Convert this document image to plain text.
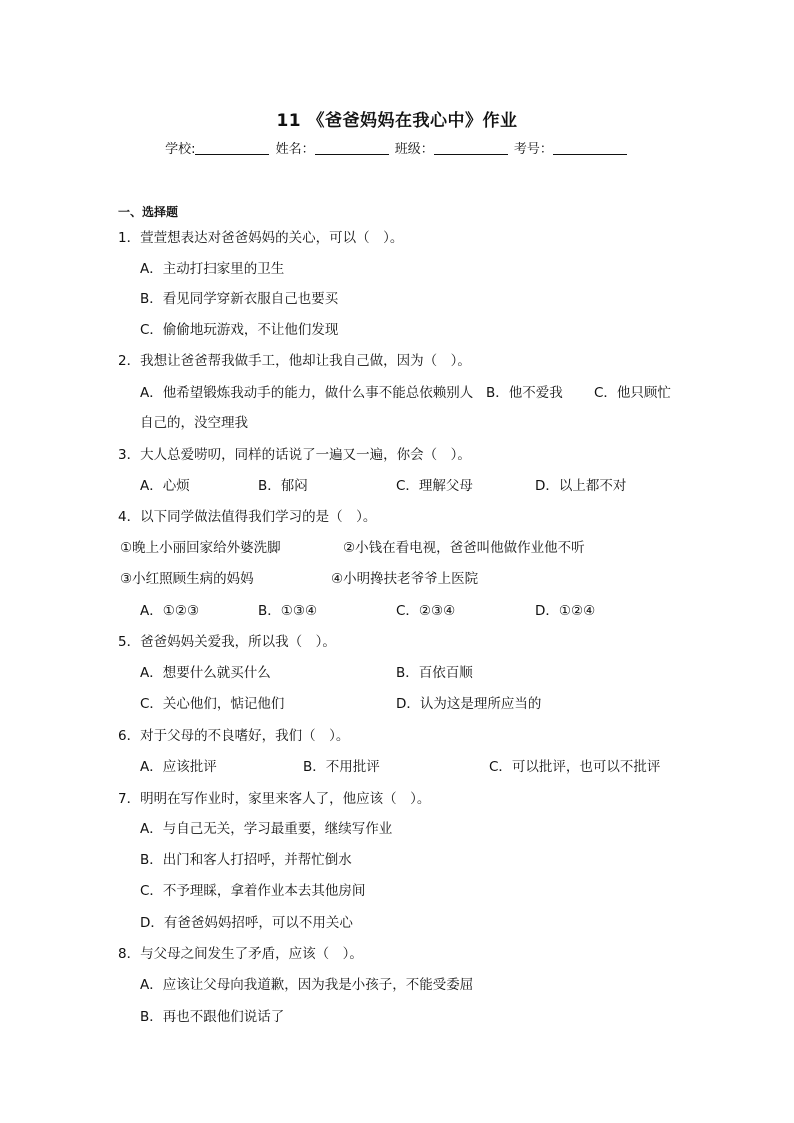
11 《爸爸妈妈在我心中》作业
学校:	姓名：	班级：	考号：
一、选择题
1．萱萱想表达对爸爸妈妈的关心，可以（　）。
A．主动打扫家里的卫生
B．看见同学穿新衣服自己也要买
C．偷偷地玩游戏，不让他们发现
2．我想让爸爸帮我做手工，他却让我自己做，因为（　）。
A．他希望锻炼我动手的能力，做什么事不能总依赖别人 B．他不爱我 C．他只顾忙
自己的，没空理我
3．大人总爱唠叨，同样的话说了一遍又一遍，你会（　）。
A．心烦	B．郁闷	C．理解父母	D．以上都不对
4．以下同学做法值得我们学习的是（　）。
①晚上小丽回家给外婆洗脚	②小钱在看电视，爸爸叫他做作业他不听
③小红照顾生病的妈妈	④小明搀扶老爷爷上医院
A．①②③	B．①③④	C．②③④	D．①②④
5．爸爸妈妈关爱我，所以我（　）。
A．想要什么就买什么	B．百依百顺
C．关心他们，惦记他们	D．认为这是理所应当的
6．对于父母的不良嗜好，我们（　）。
A．应该批评	B．不用批评	C．可以批评，也可以不批评
7．明明在写作业时，家里来客人了，他应该（　）。
A．与自己无关，学习最重要，继续写作业
B．出门和客人打招呼，并帮忙倒水
C．不予理睬，拿着作业本去其他房间
D．有爸爸妈妈招呼，可以不用关心
8．与父母之间发生了矛盾，应该（　）。
A．应该让父母向我道歉，因为我是小孩子，不能受委屈
B．再也不跟他们说话了
